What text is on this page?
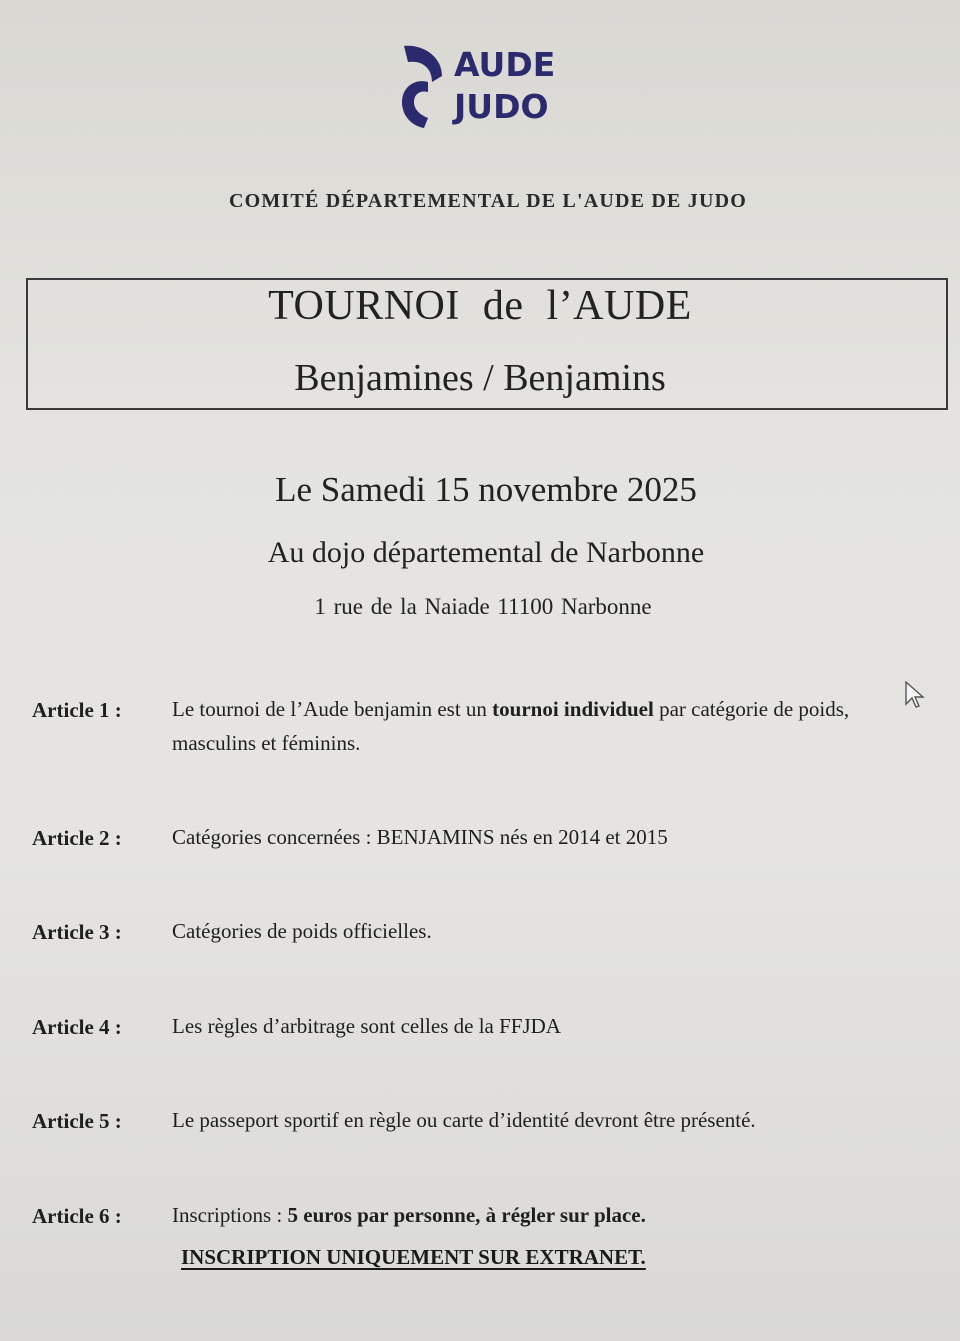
AUDE
JUDO
COMITÉ DÉPARTEMENTAL DE L'AUDE DE JUDO
TOURNOI de l’AUDE
Benjamines / Benjamins
Le Samedi 15 novembre 2025
Au dojo départemental de Narbonne
1 rue de la Naiade 11100 Narbonne
Article 1 : Le tournoi de l’Aude benjamin est un tournoi individuel par catégorie de poids,
masculins et féminins.
Article 2 : Catégories concernées : BENJAMINS nés en 2014 et 2015
Article 3 : Catégories de poids officielles.
Article 4 : Les règles d’arbitrage sont celles de la FFJDA
Article 5 : Le passeport sportif en règle ou carte d’identité devront être présenté.
Article 6 : Inscriptions : 5 euros par personne, à régler sur place.
INSCRIPTION UNIQUEMENT SUR EXTRANET.
